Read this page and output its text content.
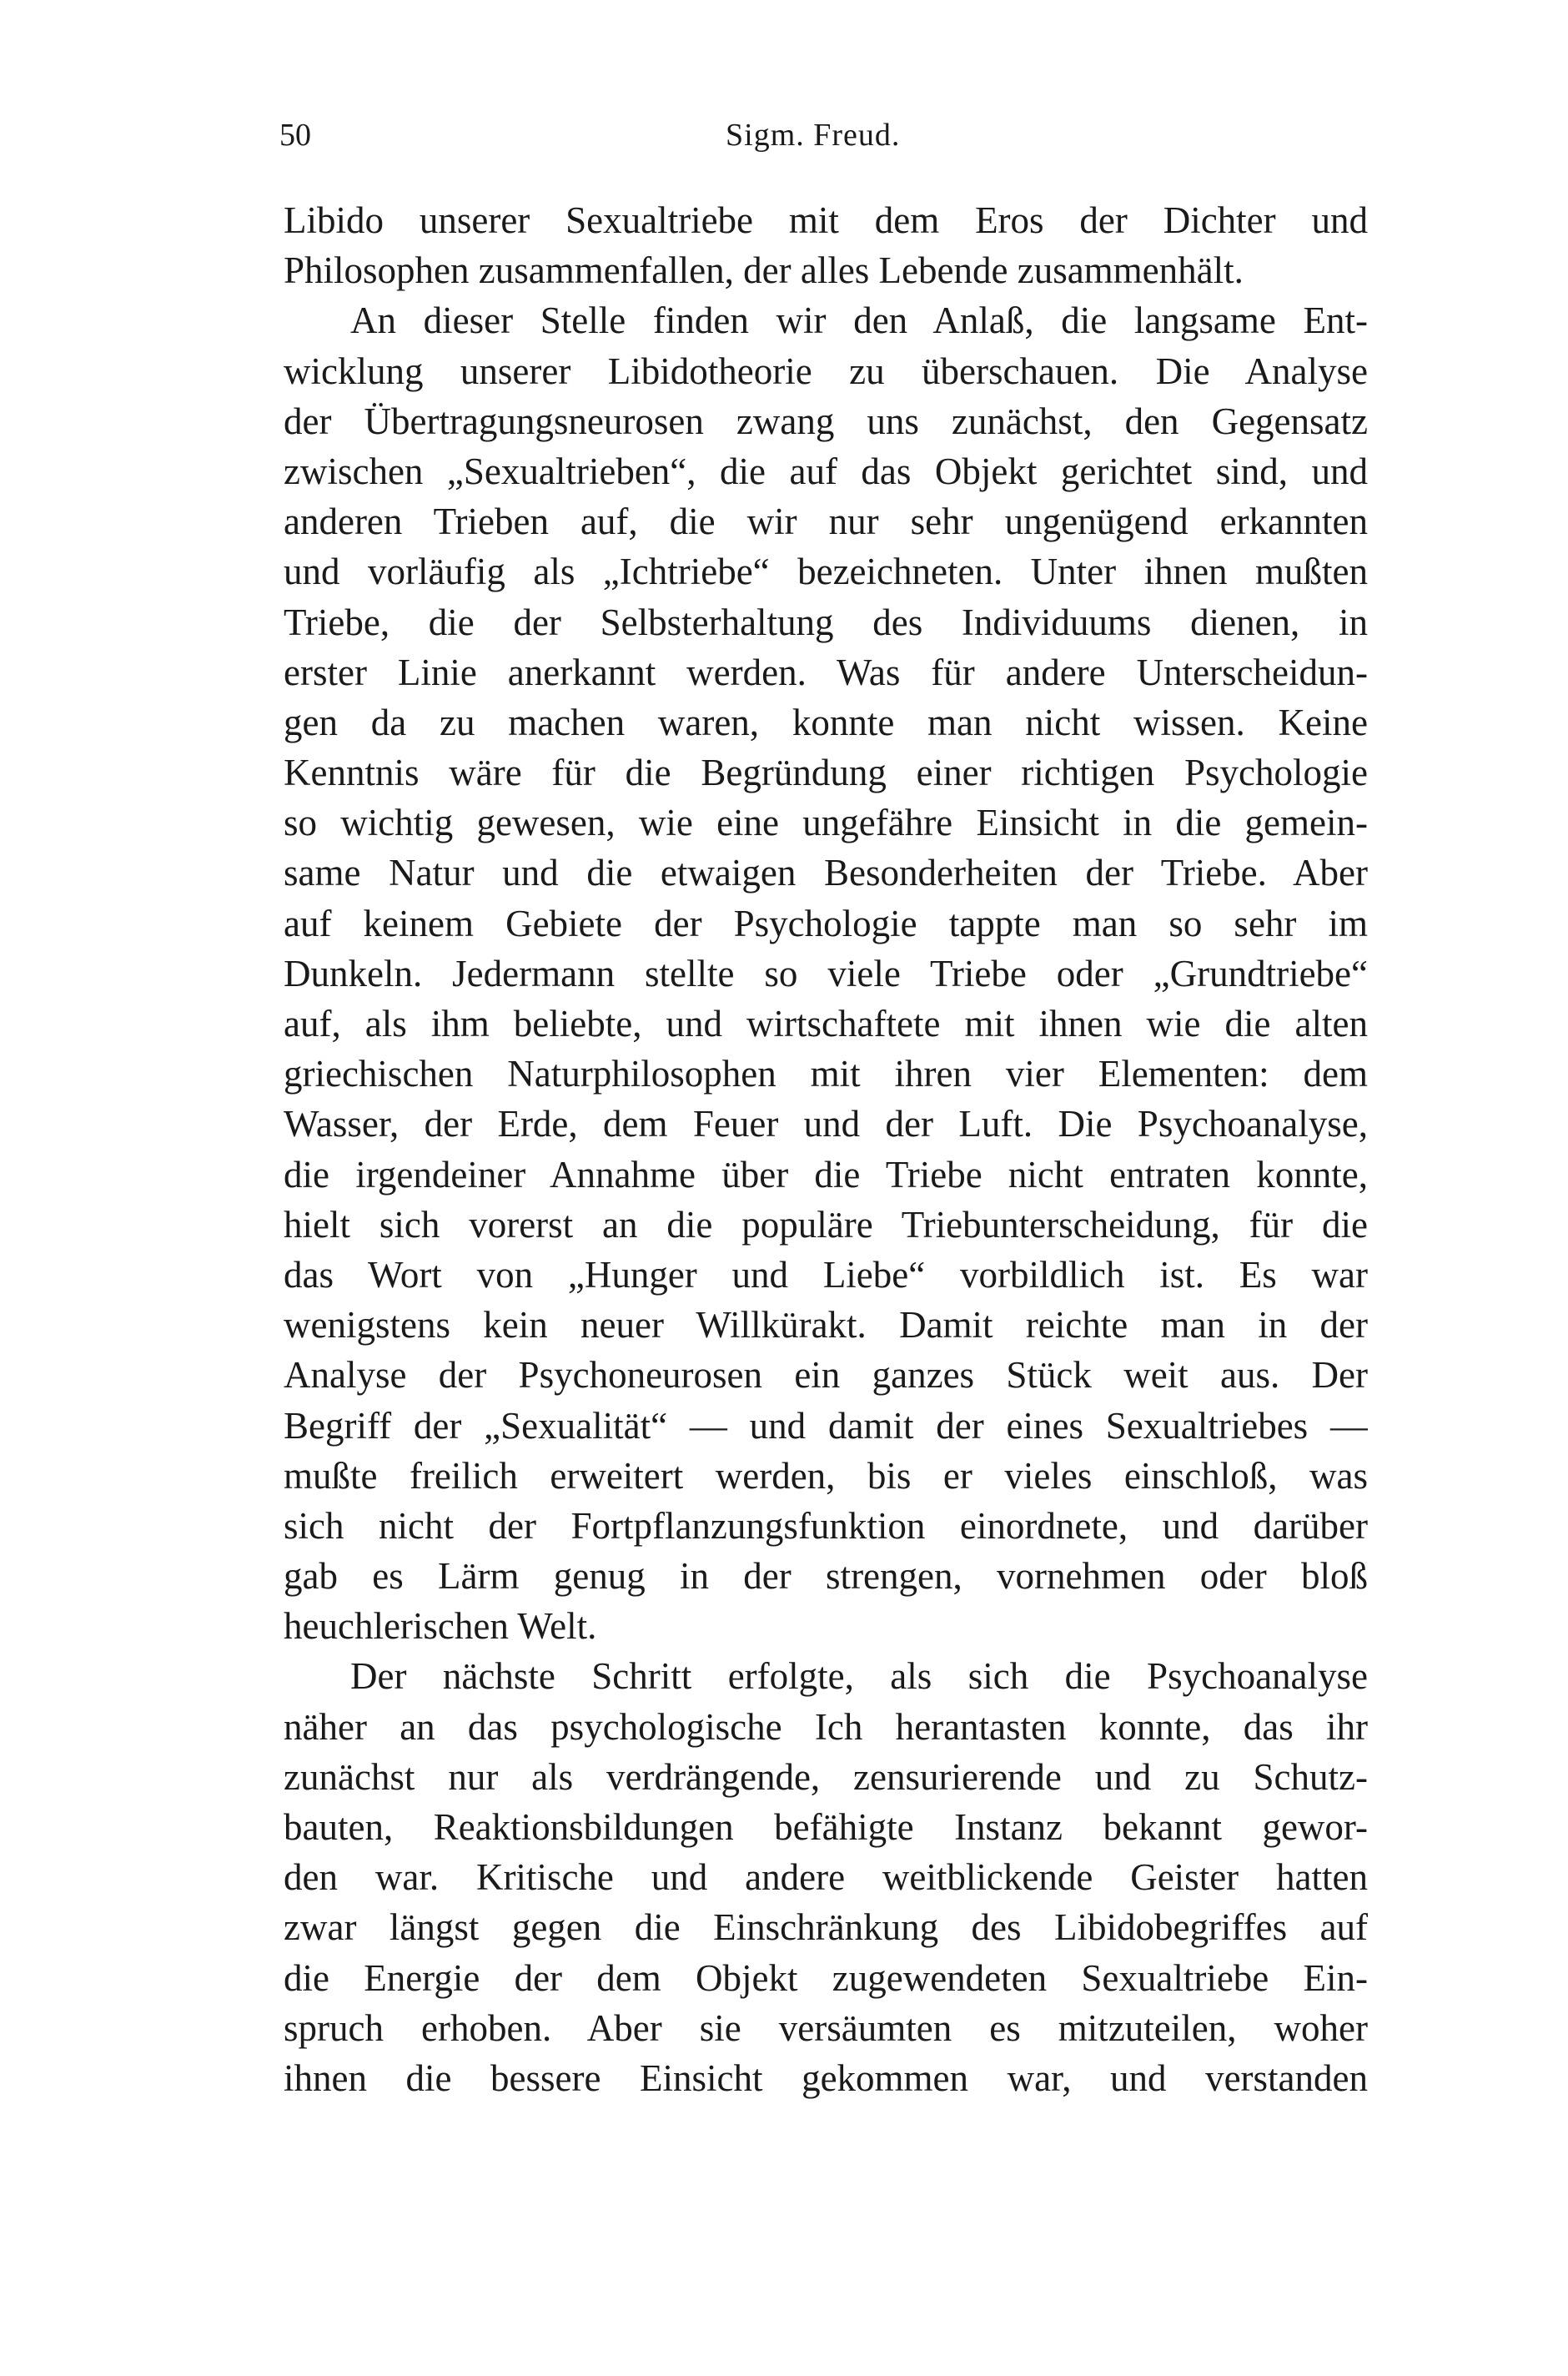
50	Sigm. Freud.
Libido unserer Sexualtriebe mit dem Eros der Dichter und
Philosophen zusammenfallen, der alles Lebende zusammenhält.
An dieser Stelle finden wir den Anlaß, die langsame Ent-
wicklung unserer Libidotheorie zu überschauen. Die Analyse
der Übertragungsneurosen zwang uns zunächst, den Gegensatz
zwischen „Sexualtrieben“, die auf das Objekt gerichtet sind, und
anderen Trieben auf, die wir nur sehr ungenügend erkannten
und vorläufig als „Ichtriebe“ bezeichneten. Unter ihnen mußten
Triebe, die der Selbsterhaltung des Individuums dienen, in
erster Linie anerkannt werden. Was für andere Unterscheidun-
gen da zu machen waren, konnte man nicht wissen. Keine
Kenntnis wäre für die Begründung einer richtigen Psychologie
so wichtig gewesen, wie eine ungefähre Einsicht in die gemein-
same Natur und die etwaigen Besonderheiten der Triebe. Aber
auf keinem Gebiete der Psychologie tappte man so sehr im
Dunkeln. Jedermann stellte so viele Triebe oder „Grundtriebe“
auf, als ihm beliebte, und wirtschaftete mit ihnen wie die alten
griechischen Naturphilosophen mit ihren vier Elementen: dem
Wasser, der Erde, dem Feuer und der Luft. Die Psychoanalyse,
die irgendeiner Annahme über die Triebe nicht entraten konnte,
hielt sich vorerst an die populäre Triebunterscheidung, für die
das Wort von „Hunger und Liebe“ vorbildlich ist. Es war
wenigstens kein neuer Willkürakt. Damit reichte man in der
Analyse der Psychoneurosen ein ganzes Stück weit aus. Der
Begriff der „Sexualität“ — und damit der eines Sexualtriebes —
mußte freilich erweitert werden, bis er vieles einschloß, was
sich nicht der Fortpflanzungsfunktion einordnete, und darüber
gab es Lärm genug in der strengen, vornehmen oder bloß
heuchlerischen Welt.
Der nächste Schritt erfolgte, als sich die Psychoanalyse
näher an das psychologische Ich herantasten konnte, das ihr
zunächst nur als verdrängende, zensurierende und zu Schutz-
bauten, Reaktionsbildungen befähigte Instanz bekannt gewor-
den war. Kritische und andere weitblickende Geister hatten
zwar längst gegen die Einschränkung des Libidobegriffes auf
die Energie der dem Objekt zugewendeten Sexualtriebe Ein-
spruch erhoben. Aber sie versäumten es mitzuteilen, woher
ihnen die bessere Einsicht gekommen war, und verstanden
